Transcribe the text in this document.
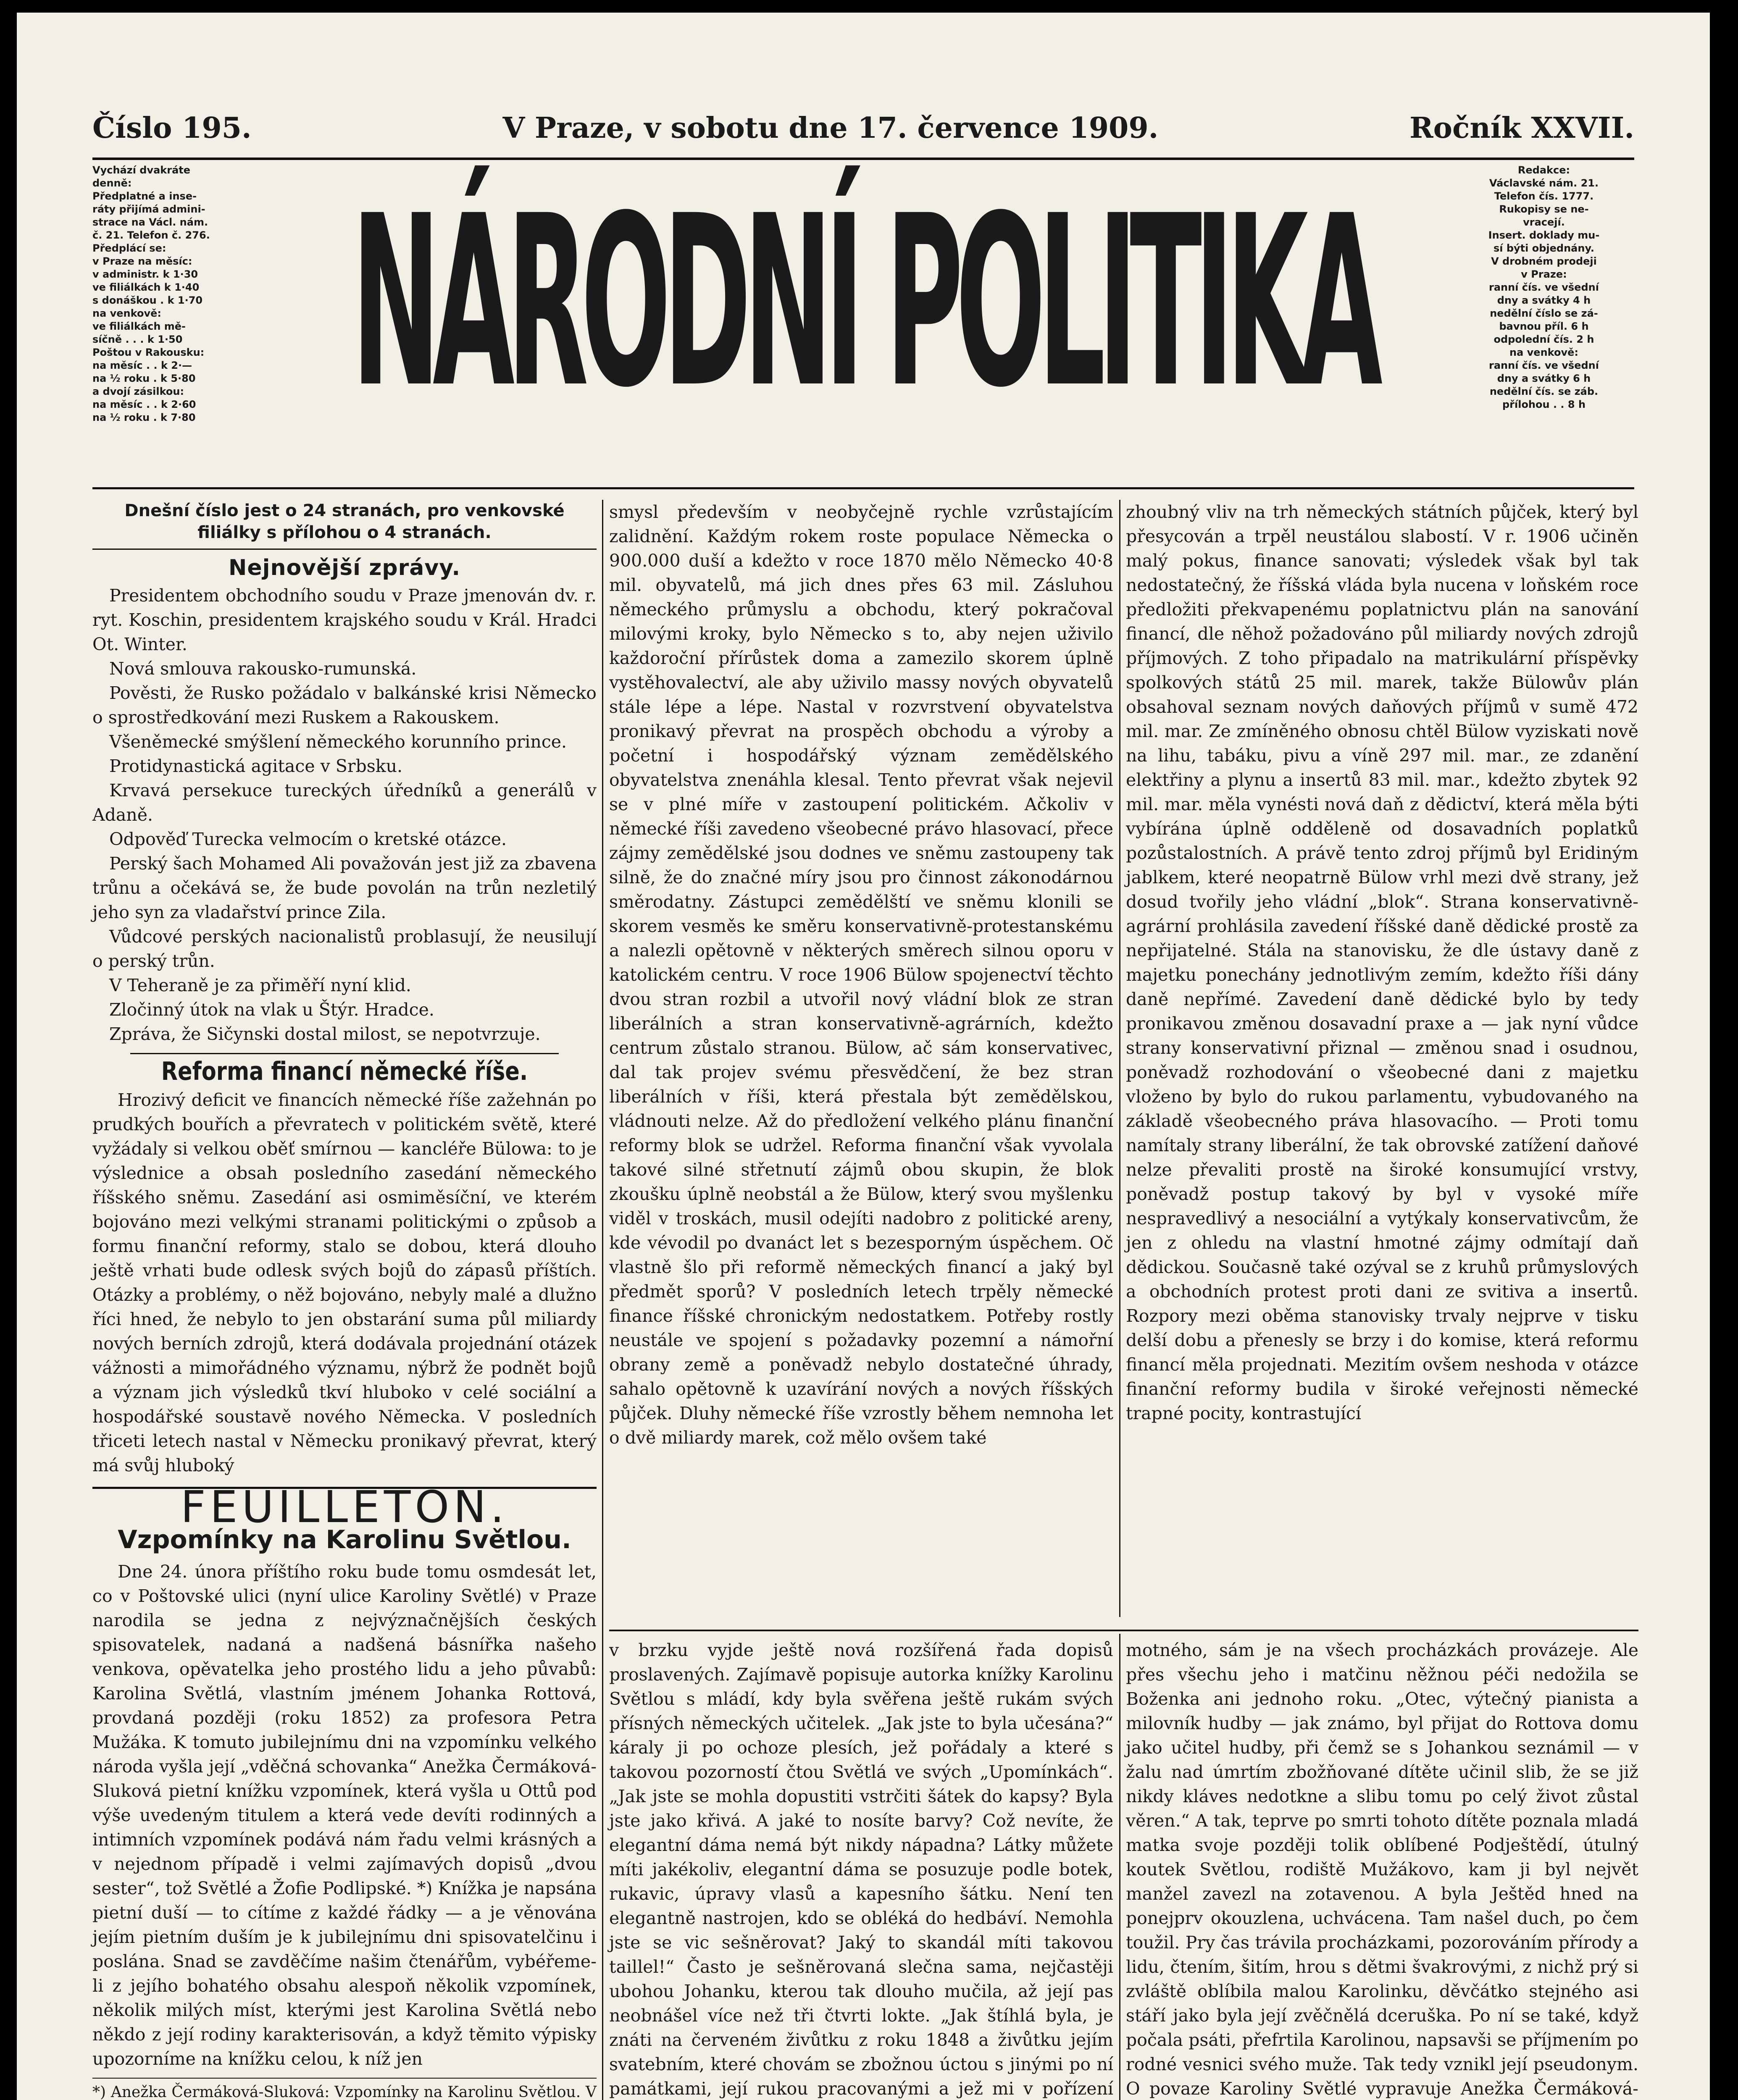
Číslo 195.	V Praze, v sobotu dne 17. července 1909.	Ročník XXVII.
Vychází dvakráte
denně:
Předplatné a inse-
ráty přijímá admini-
strace na Václ. nám.
č. 21. Telefon č. 276.
Předplácí se:
v Praze na měsíc:
v administr. k 1·30
ve filiálkách k 1·40
s donáškou . k 1·70
na venkově:
ve filiálkách mě-
síčně . . . k 1·50
Poštou v Rakousku:
na měsíc . . k 2·—
na ½ roku . k 5·80
a dvojí zásilkou:
na měsíc . . k 2·60
na ½ roku . k 7·80
Redakce:
Václavské nám. 21.
Telefon čís. 1777.
Rukopisy se ne-
vracejí.
Insert. doklady mu-
sí býti objednány.
V drobném prodeji
v Praze:
ranní čís. ve všední
dny a svátky 4 h
nedělní číslo se zá-
bavnou příl. 6 h
odpolední čís. 2 h
na venkově:
ranní čís. ve všední
dny a svátky 6 h
nedělní čís. se záb.
přílohou . . 8 h
NÁRODNÍ POLITIKA
Dnešní číslo jest o 24 stranách, pro venkovské filiálky s přílohou o 4 stranách.
Nejnovější zprávy.

Presidentem obchodního soudu v Praze jmenován dv. r. ryt. Koschin, presidentem krajského soudu v Král. Hradci Ot. Winter.

Nová smlouva rakousko-rumunská.

Pověsti, že Rusko požádalo v balkánské krisi Německo o sprostředkování mezi Ruskem a Rakouskem.

Všeněmecké smýšlení německého korunního prince.

Protidynastická agitace v Srbsku.

Krvavá persekuce tureckých úředníků a generálů v Adaně.

Odpověď Turecka velmocím o kretské otázce.

Perský šach Mohamed Ali považován jest již za zbavena trůnu a očekává se, že bude povolán na trůn nezletilý jeho syn za vladařství prince Zila.

Vůdcové perských nacionalistů problasují, že neusilují o perský trůn.

V Teheraně je za přiměří nyní klid.

Zločinný útok na vlak u Štýr. Hradce.

Zpráva, že Sičynski dostal milost, se nepotvrzuje.

Reforma financí německé říše.

Hrozivý deficit ve financích německé říše zažehnán po prudkých bouřích a převratech v politickém světě, které vyžádaly si velkou oběť smírnou — kancléře Bülowa: to je výslednice a obsah posledního zasedání německého říšského sněmu. Zasedání asi osmiměsíční, ve kterém bojováno mezi velkými stranami politickými o způsob a formu finanční reformy, stalo se dobou, která dlouho ještě vrhati bude odlesk svých bojů do zápasů příštích. Otázky a problémy, o něž bojováno, nebyly malé a dlužno říci hned, že nebylo to jen obstarání suma půl miliardy nových berních zdrojů, která dodávala projednání otázek vážnosti a mimořádného významu, nýbrž že podnět bojů a význam jich výsledků tkví hluboko v celé sociální a hospodářské soustavě nového Německa. V posledních třiceti letech nastal v Německu pronikavý převrat, který má svůj hluboký

FEUILLETON.
Vzpomínky na Karolinu Světlou.

Dne 24. února příštího roku bude tomu osmdesát let, co v Poštovské ulici (nyní ulice Karoliny Světlé) v Praze narodila se jedna z nejvýznačnějších českých spisovatelek, nadaná a nadšená básnířka našeho venkova, opěvatelka jeho prostého lidu a jeho půvabů: Karolina Světlá, vlastním jménem Johanka Rottová, provdaná později (roku 1852) za profesora Petra Mužáka. K tomuto jubilejnímu dni na vzpomínku velkého národa vyšla její „vděčná schovanka“ Anežka Čermáková-Sluková pietní knížku vzpomínek, která vyšla u Ottů pod výše uvedeným titulem a která vede devíti rodinných a intimních vzpomínek podává nám řadu velmi krásných a v nejednom případě i velmi zajímavých dopisů „dvou sester“, tož Světlé a Žofie Podlipské. *) Knížka je napsána pietní duší — to cítíme z každé řádky — a je věnována jejím pietním duším je k jubilejnímu dni spisovatelčinu i poslána. Snad se zavděčíme našim čtenářům, vybéřeme-li z jejího bohatého obsahu alespoň několik vzpomínek, několik milých míst, kterými jest Karolina Světlá nebo někdo z její rodiny karakterisován, a když těmito výpisky upozorníme na knížku celou, k níž jen

*) Anežka Čermáková-Sluková: Vzpomínky na Karolinu Světlou. V

smysl především v neobyčejně rychle vzrůstajícím zalidnění. Každým rokem roste populace Německa o 900.000 duší a kdežto v roce 1870 mělo Německo 40·8 mil. obyvatelů, má jich dnes přes 63 mil. Zásluhou německého průmyslu a obchodu, který pokračoval milovými kroky, bylo Německo s to, aby nejen uživilo každoroční přírůstek doma a zamezilo skorem úplně vystěhovalectví, ale aby uživilo massy nových obyvatelů stále lépe a lépe. Nastal v rozvrstvení obyvatelstva pronikavý převrat na prospěch obchodu a výroby a početní i hospodářský význam zemědělského obyvatelstva znenáhla klesal. Tento převrat však nejevil se v plné míře v zastoupení politickém. Ačkoliv v německé říši zavedeno všeobecné právo hlasovací, přece zájmy zemědělské jsou dodnes ve sněmu zastoupeny tak silně, že do značné míry jsou pro činnost zákonodárnou směrodatny. Zástupci zemědělští ve sněmu klonili se skorem vesměs ke směru konservativně-protestanskému a nalezli opětovně v některých směrech silnou oporu v katolickém centru. V roce 1906 Bülow spojenectví těchto dvou stran rozbil a utvořil nový vládní blok ze stran liberálních a stran konservativně-agrárních, kdežto centrum zůstalo stranou. Bülow, ač sám konservativec, dal tak projev svému přesvědčení, že bez stran liberálních v říši, která přestala být zemědělskou, vládnouti nelze. Až do předložení velkého plánu finanční reformy blok se udržel. Reforma finanční však vyvolala takové silné střetnutí zájmů obou skupin, že blok zkoušku úplně neobstál a že Bülow, který svou myšlenku viděl v troskách, musil odejíti nadobro z politické areny, kde vévodil po dvanáct let s bezesporným úspěchem. Oč vlastně šlo při reformě německých financí a jaký byl předmět sporů? V posledních letech trpěly německé finance říšské chronickým nedostatkem. Potřeby rostly neustále ve spojení s požadavky pozemní a námořní obrany země a poněvadž nebylo dostatečné úhrady, sahalo opětovně k uzavírání nových a nových říšských půjček. Dluhy německé říše vzrostly během nemnoha let o dvě miliardy marek, což mělo ovšem také

zhoubný vliv na trh německých státních půjček, který byl přesycován a trpěl neustálou slabostí. V r. 1906 učiněn malý pokus, finance sanovati; výsledek však byl tak nedostatečný, že říšská vláda byla nucena v loňském roce předložiti překvapenému poplatnictvu plán na sanování financí, dle něhož požadováno půl miliardy nových zdrojů příjmových. Z toho připadalo na matrikulární příspěvky spolkových států 25 mil. marek, takže Bülowův plán obsahoval seznam nových daňových příjmů v sumě 472 mil. mar. Ze zmíněného obnosu chtěl Bülow vyziskati nově na lihu, tabáku, pivu a víně 297 mil. mar., ze zdanění elektřiny a plynu a insertů 83 mil. mar., kdežto zbytek 92 mil. mar. měla vynésti nová daň z dědictví, která měla býti vybírána úplně odděleně od dosavadních poplatků pozůstalostních. A právě tento zdroj příjmů byl Eridiným jablkem, které neopatrně Bülow vrhl mezi dvě strany, jež dosud tvořily jeho vládní „blok“. Strana konservativně-agrární prohlásila zavedení říšské daně dědické prostě za nepřijatelné. Stála na stanovisku, že dle ústavy daně z majetku ponechány jednotlivým zemím, kdežto říši dány daně nepřímé. Zavedení daně dědické bylo by tedy pronikavou změnou dosavadní praxe a — jak nyní vůdce strany konservativní přiznal — změnou snad i osudnou, poněvadž rozhodování o všeobecné dani z majetku vloženo by bylo do rukou parlamentu, vybudovaného na základě všeobecného práva hlasovacího. — Proti tomu namítaly strany liberální, že tak obrovské zatížení daňové nelze převaliti prostě na široké konsumující vrstvy, poněvadž postup takový by byl v vysoké míře nespravedlivý a nesociální a vytýkaly konservativcům, že jen z ohledu na vlastní hmotné zájmy odmítají daň dědickou. Současně také ozýval se z kruhů průmyslových a obchodních protest proti dani ze svitiva a insertů. Rozpory mezi oběma stanovisky trvaly nejprve v tisku delší dobu a přenesly se brzy i do komise, která reformu financí měla projednati. Mezitím ovšem neshoda v otázce finanční reformy budila v široké veřejnosti německé trapné pocity, kontrastující

v brzku vyjde ještě nová rozšířená řada dopisů proslavených. Zajímavě popisuje autorka knížky Karolinu Světlou s mládí, kdy byla svěřena ještě rukám svých přísných německých učitelek. „Jak jste to byla učesána?“ káraly ji po ochoze plesích, jež pořádaly a které s takovou pozorností čtou Světlá ve svých „Upomínkách“. „Jak jste se mohla dopustiti vstrčiti šátek do kapsy? Byla jste jako křivá. A jaké to nosíte barvy? Což nevíte, že elegantní dáma nemá být nikdy nápadna? Látky můžete míti jakékoliv, elegantní dáma se posuzuje podle botek, rukavic, úpravy vlasů a kapesního šátku. Není ten elegantně nastrojen, kdo se obléká do hedbáví. Nemohla jste se vic sešněrovat? Jaký to skandál míti takovou taillel!“ Často je sešněrovaná slečna sama, nejčastěji ubohou Johanku, kterou tak dlouho mučila, až její pas neobnášel více než tři čtvrti lokte. „Jak štíhlá byla, je znáti na červeném živůtku z roku 1848 a živůtku jejím svatebním, které chovám se zbožnou úctou s jinými po ní památkami, její rukou pracovanými a jež mi v pořízení

motného, sám je na všech procházkách provázeje. Ale přes všechu jeho i matčinu něžnou péči nedožila se Boženka ani jednoho roku. „Otec, výtečný pianista a milovník hudby — jak známo, byl přijat do Rottova domu jako učitel hudby, při čemž se s Johankou seznámil — v žalu nad úmrtím zbožňované dítěte učinil slib, že se již nikdy kláves nedotkne a slibu tomu po celý život zůstal věren.“ A tak, teprve po smrti tohoto dítěte poznala mladá matka svoje později tolik oblíbené Podještědí, útulný koutek Světlou, rodiště Mužákovo, kam ji byl největ manžel zavezl na zotavenou. A byla Ještěd hned na ponejprv okouzlena, uchvácena. Tam našel duch, po čem toužil. Pry čas trávila procházkami, pozorováním přírody a lidu, čtením, šitím, hrou s dětmi švakrovými, z nichž prý si zvláště oblíbila malou Karolinku, děvčátko stejného asi stáří jako byla její zvěčnělá dceruška. Po ní se také, když počala psáti, přefrtila Karolinou, napsavši se příjmením po rodné vesnici svého muže. Tak tedy vznikl její pseudonym. O povaze Karoliny Světlé vypravuje Anežka Čermáková-
